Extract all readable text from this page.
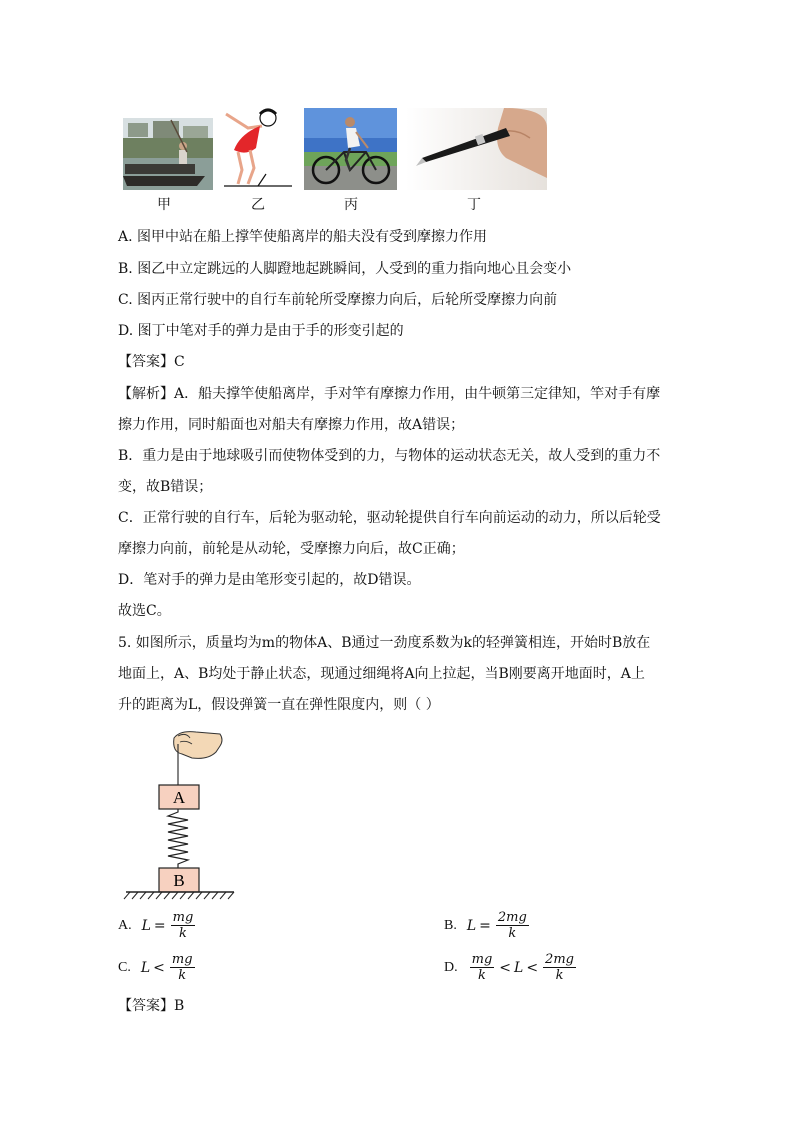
甲	乙	丙	丁
A. 图甲中站在船上撑竿使船离岸的船夫没有受到摩擦力作用
B. 图乙中立定跳远的人脚蹬地起跳瞬间，人受到的重力指向地心且会变小
C. 图丙正常行驶中的自行车前轮所受摩擦力向后，后轮所受摩擦力向前
D. 图丁中笔对手的弹力是由于手的形变引起的
【答案】C
【解析】A．船夫撑竿使船离岸，手对竿有摩擦力作用，由牛顿第三定律知，竿对手有摩
擦力作用，同时船面也对船夫有摩擦力作用，故A错误；
B．重力是由于地球吸引而使物体受到的力，与物体的运动状态无关，故人受到的重力不
变，故B错误；
C．正常行驶的自行车，后轮为驱动轮，驱动轮提供自行车向前运动的动力，所以后轮受
摩擦力向前，前轮是从动轮，受摩擦力向后，故C正确；
D．笔对手的弹力是由笔形变引起的，故D错误。
故选C。
5. 如图所示，质量均为m的物体A、B通过一劲度系数为k的轻弹簧相连，开始时B放在
地面上，A、B均处于静止状态，现通过细绳将A向上拉起，当B刚要离开地面时，A上
升的距离为L，假设弹簧一直在弹性限度内，则（ ）
A
B
A. $L = \frac{mg}{k}$	B. $L = \frac{2mg}{k}$
C. $L < \frac{mg}{k}$	D. $\frac{mg}{k} < L < \frac{2mg}{k}$
【答案】B
